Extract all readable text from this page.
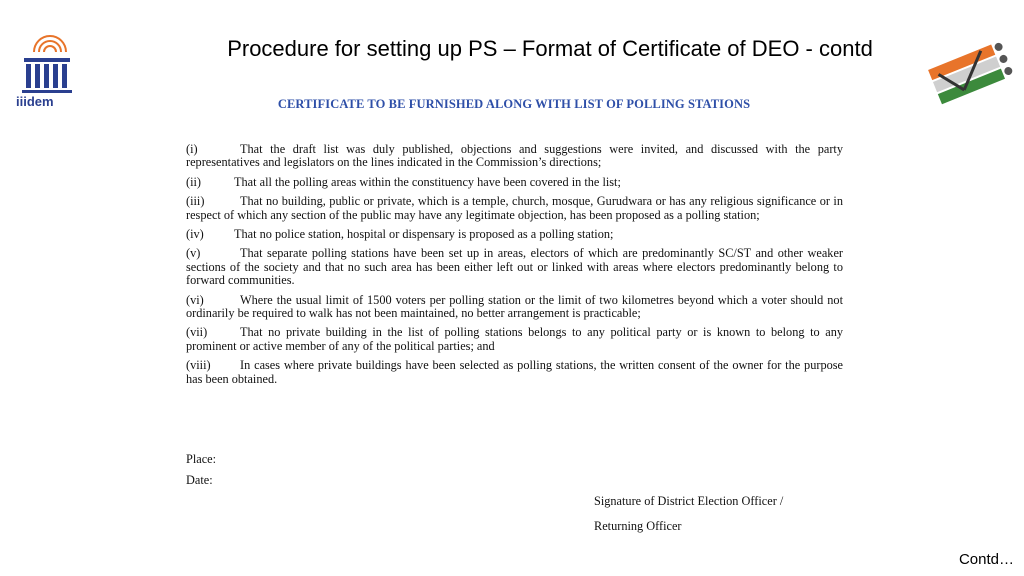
iiidem
Procedure for setting up PS – Format of Certificate of DEO - contd
CERTIFICATE TO BE FURNISHED ALONG WITH LIST OF POLLING STATIONS
(i)	That the draft list was duly published, objections and suggestions were invited, and discussed with the party representatives and legislators on the lines indicated in the Commission’s directions;
(ii)	That all the polling areas within the constituency have been covered in the list;
(iii)	That no building, public or private, which is a temple, church, mosque, Gurudwara or has any religious significance or in respect of which any section of the public may have any legitimate objection, has been proposed as a polling station;
(iv) That no police station, hospital or dispensary is proposed as a polling station;
(v)	That separate polling stations have been set up in areas, electors of which are predominantly SC/ST and other weaker sections of the society and that no such area has been either left out or linked with areas where electors predominantly belong to forward communities.
(vi)	Where the usual limit of 1500 voters per polling station or the limit of two kilometres beyond which a voter should not ordinarily be required to walk has not been maintained, no better arrangement is practicable;
(vii)	That no private building in the list of polling stations belongs to any political party or is known to belong to any prominent or active member of any of the political parties; and
(viii) In cases where private buildings have been selected as polling stations, the written consent of the owner for the purpose has been obtained.
Place:
Date:
Signature of District Election Officer /
Returning Officer
Contd…
